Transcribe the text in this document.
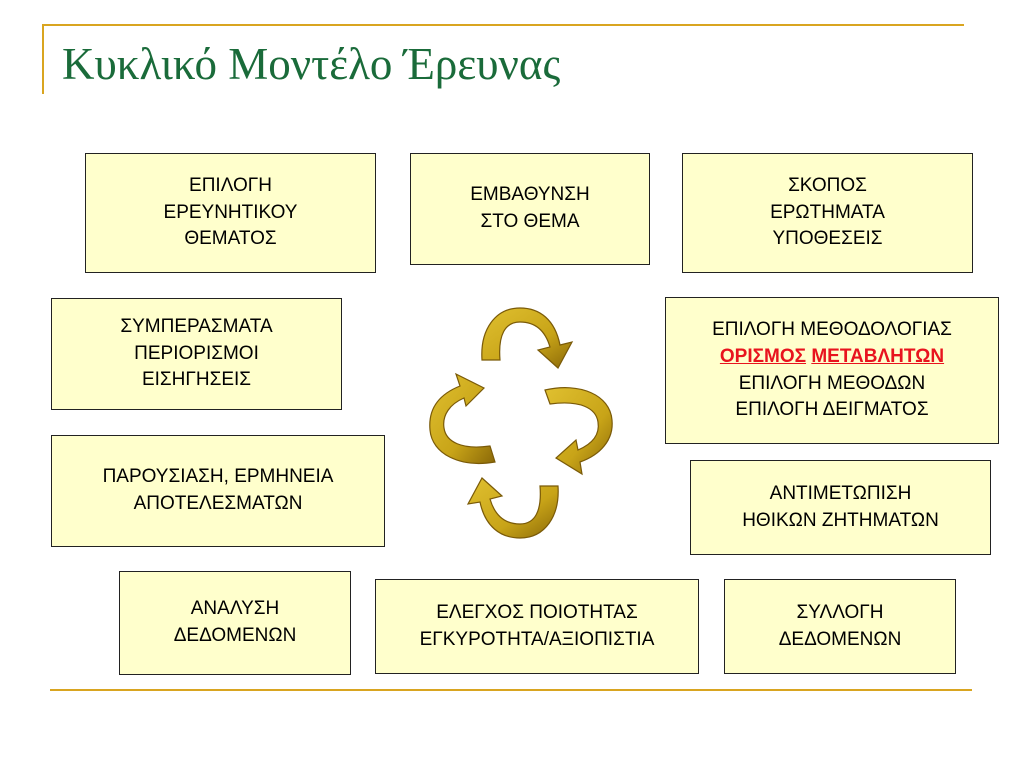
Κυκλικό Μοντέλο Έρευνας
ΕΠΙΛΟΓΗ
ΕΡΕΥΝΗΤΙΚΟΥ
ΘΕΜΑΤΟΣ
ΕΜΒΑΘΥΝΣΗ
ΣΤΟ ΘΕΜΑ
ΣΚΟΠΟΣ
ΕΡΩΤΗΜΑΤΑ
ΥΠΟΘΕΣΕΙΣ
ΣΥΜΠΕΡΑΣΜΑΤΑ
ΠΕΡΙΟΡΙΣΜΟΙ
ΕΙΣΗΓΗΣΕΙΣ
ΕΠΙΛΟΓΗ ΜΕΘΟΔΟΛΟΓΙΑΣ
ΟΡΙΣΜΟΣ ΜΕΤΑΒΛΗΤΩΝ
ΕΠΙΛΟΓΗ ΜΕΘΟΔΩΝ
ΕΠΙΛΟΓΗ ΔΕΙΓΜΑΤΟΣ
ΠΑΡΟΥΣΙΑΣΗ, ΕΡΜΗΝΕΙΑ
ΑΠΟΤΕΛΕΣΜΑΤΩΝ	ΑΝΤΙΜΕΤΩΠΙΣΗ
ΗΘΙΚΩΝ ΖΗΤΗΜΑΤΩΝ
ΑΝΑΛΥΣΗ
ΔΕΔΟΜΕΝΩΝ
ΕΛΕΓΧΟΣ ΠΟΙΟΤΗΤΑΣ
ΕΓΚΥΡΟΤΗΤΑ/ΑΞΙΟΠΙΣΤΙΑ
ΣΥΛΛΟΓΗ
ΔΕΔΟΜΕΝΩΝ
